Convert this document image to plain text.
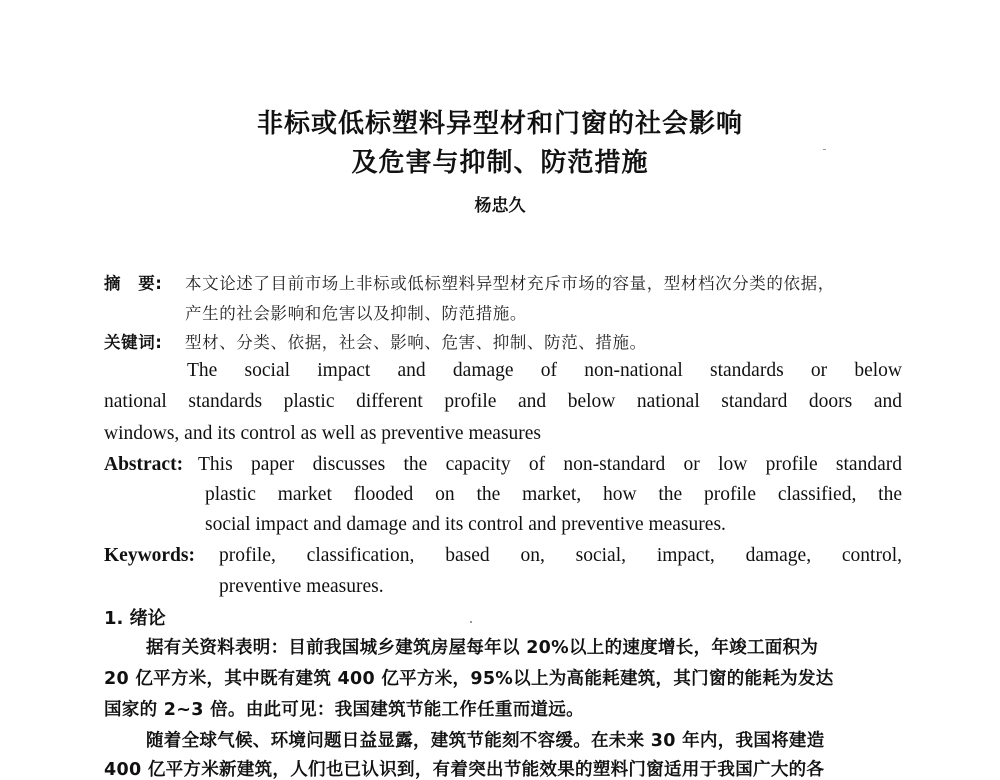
非标或低标塑料异型材和门窗的社会影响
及危害与抑制、防范措施
杨忠久
摘　要: 本文论述了目前市场上非标或低标塑料异型材充斥市场的容量，型材档次分类的依据，
产生的社会影响和危害以及抑制、防范措施。
关键词: 型材、分类、依据，社会、影响、危害、抑制、防范、措施。
The social impact and damage of non-national standards or below
national standards plastic different profile and below national standard doors and
windows, and its control as well as preventive measures
Abstract: This paper discusses the capacity of non-standard or low profile standard
plastic market flooded on the market, how the profile classified, the
social impact and damage and its control and preventive measures.
Keywords: profile, classification, based on, social, impact, damage, control,
preventive measures.
1. 绪论
据有关资料表明：目前我国城乡建筑房屋每年以 20%以上的速度增长，年竣工面积为
20 亿平方米，其中既有建筑 400 亿平方米，95%以上为高能耗建筑，其门窗的能耗为发达
国家的 2~3 倍。由此可见：我国建筑节能工作任重而道远。
随着全球气候、环境问题日益显露，建筑节能刻不容缓。在未来 30 年内，我国将建造
400 亿平方米新建筑，人们也已认识到，有着突出节能效果的塑料门窗适用于我国广大的各
